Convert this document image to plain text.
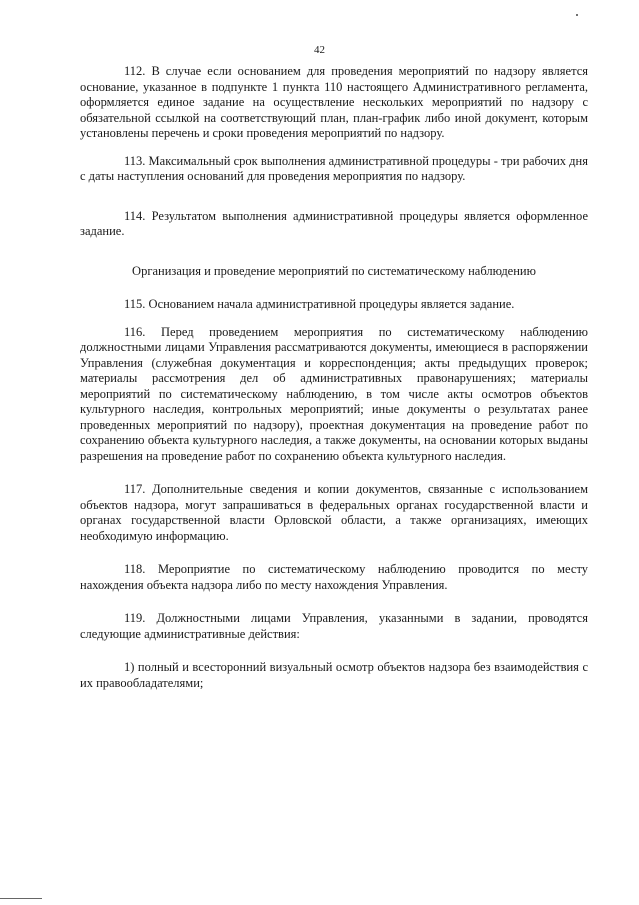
42

112. В случае если основанием для проведения мероприятий по надзору является основание, указанное в подпункте 1 пункта 110 настоящего Административного регламента, оформляется единое задание на осуществление нескольких мероприятий по надзору с обязательной ссылкой на соответствующий план, план-график либо иной документ, которым установлены перечень и сроки проведения мероприятий по надзору.

113. Максимальный срок выполнения административной процедуры - три рабочих дня с даты наступления оснований для проведения мероприятия по надзору.

114. Результатом выполнения административной процедуры является оформленное задание.

Организация и проведение мероприятий по систематическому наблюдению

115. Основанием начала административной процедуры является задание.

116. Перед проведением мероприятия по систематическому наблюдению должностными лицами Управления рассматриваются документы, имеющиеся в распоряжении Управления (служебная документация и корреспонденция; акты предыдущих проверок; материалы рассмотрения дел об административных правонарушениях; материалы мероприятий по систематическому наблюдению, в том числе акты осмотров объектов культурного наследия, контрольных мероприятий; иные документы о результатах ранее проведенных мероприятий по надзору), проектная документация на проведение работ по сохранению объекта культурного наследия, а также документы, на основании которых выданы разрешения на проведение работ по сохранению объекта культурного наследия.

117. Дополнительные сведения и копии документов, связанные с использованием объектов надзора, могут запрашиваться в федеральных органах государственной власти и органах государственной власти Орловской области, а также организациях, имеющих необходимую информацию.

118. Мероприятие по систематическому наблюдению проводится по месту нахождения объекта надзора либо по месту нахождения Управления.

119. Должностными лицами Управления, указанными в задании, проводятся следующие административные действия:

1) полный и всесторонний визуальный осмотр объектов надзора без взаимодействия с их правообладателями;
